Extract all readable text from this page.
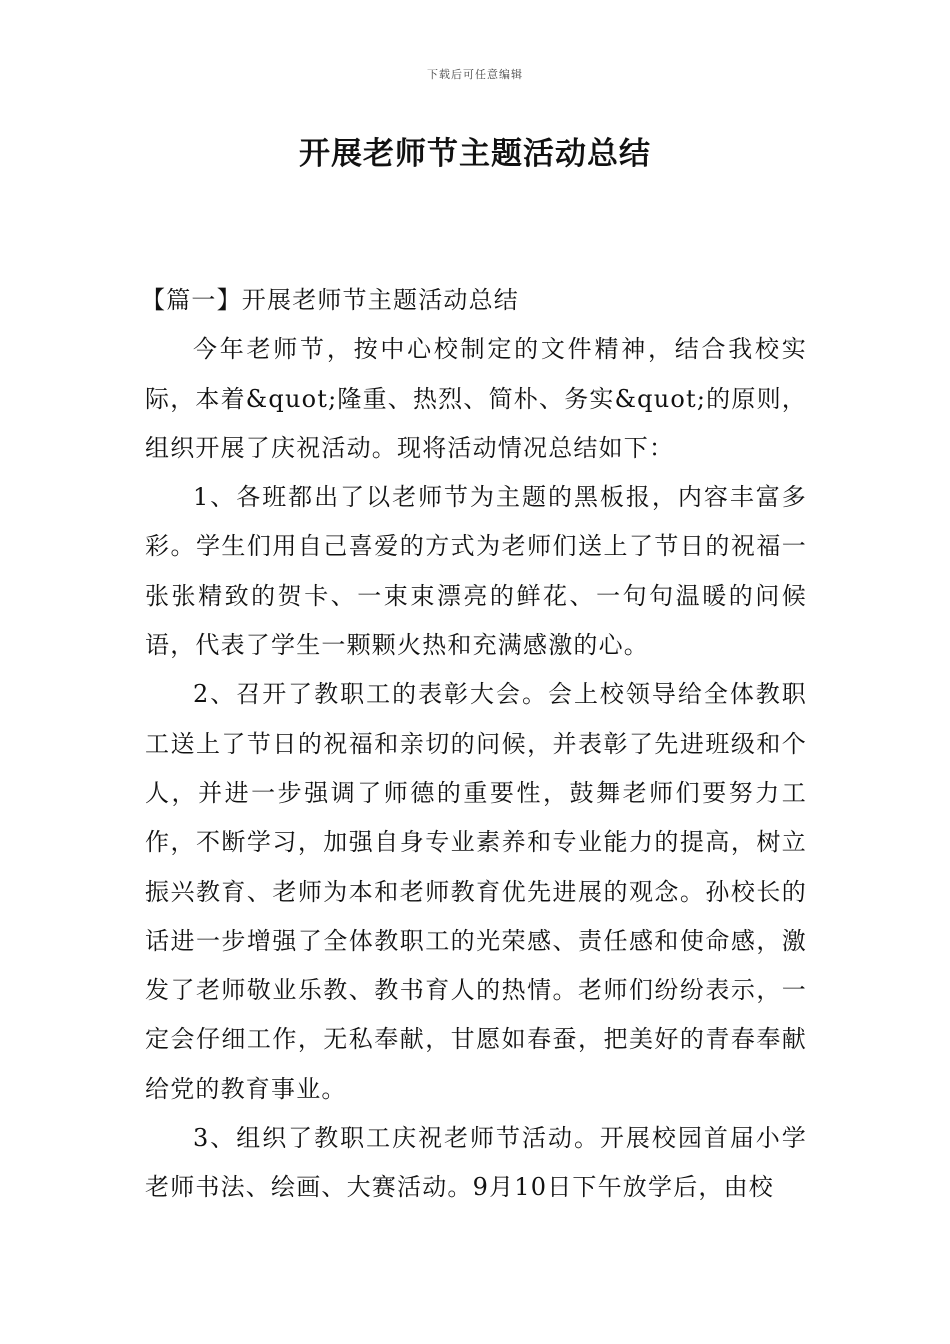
下载后可任意编辑
开展老师节主题活动总结

【篇一】开展老师节主题活动总结

今年老师节，按中心校制定的文件精神，结合我校实际，本着&quot;隆重、热烈、简朴、务实&quot;的原则，组织开展了庆祝活动。现将活动情况总结如下：

1、各班都出了以老师节为主题的黑板报，内容丰富多彩。学生们用自己喜爱的方式为老师们送上了节日的祝福一张张精致的贺卡、一束束漂亮的鲜花、一句句温暖的问候语，代表了学生一颗颗火热和充满感激的心。

2、召开了教职工的表彰大会。会上校领导给全体教职工送上了节日的祝福和亲切的问候，并表彰了先进班级和个人，并进一步强调了师德的重要性，鼓舞老师们要努力工作，不断学习，加强自身专业素养和专业能力的提高，树立振兴教育、老师为本和老师教育优先进展的观念。孙校长的话进一步增强了全体教职工的光荣感、责任感和使命感，激发了老师敬业乐教、教书育人的热情。老师们纷纷表示，一定会仔细工作，无私奉献，甘愿如春蚕，把美好的青春奉献给党的教育事业。

3、组织了教职工庆祝老师节活动。开展校园首届小学老师书法、绘画、大赛活动。9月10日下午放学后，由校
